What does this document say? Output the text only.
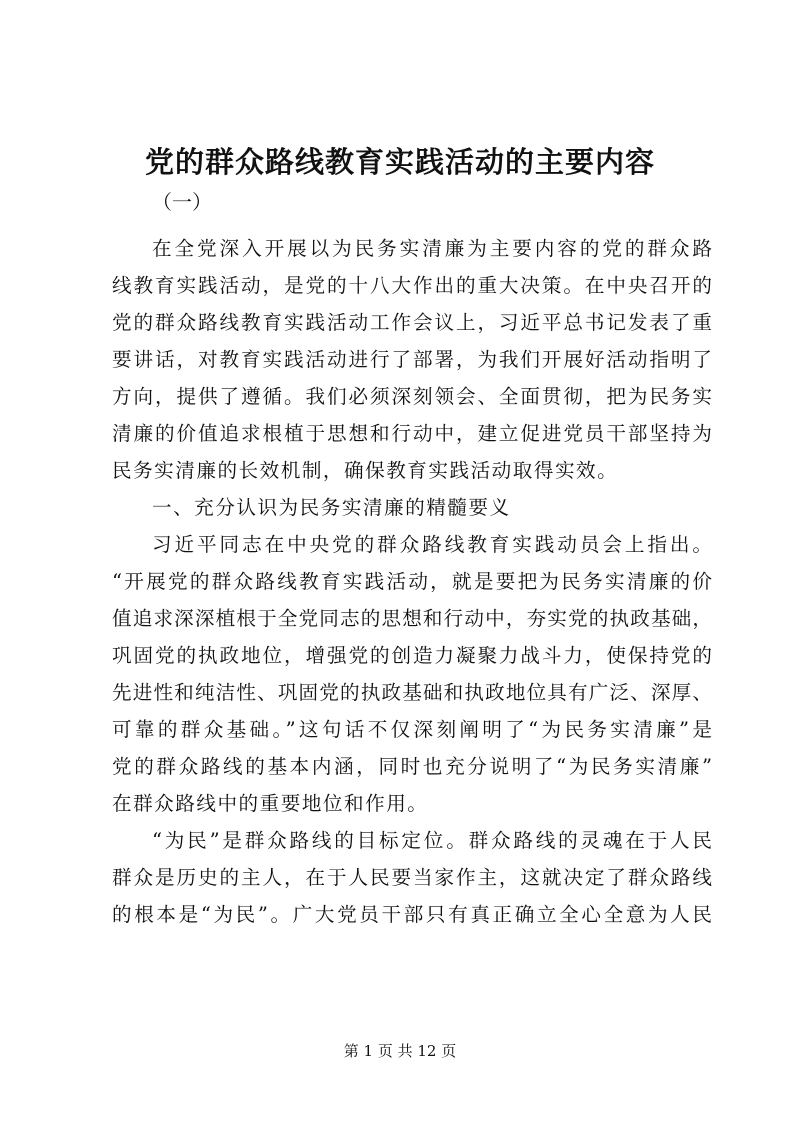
党的群众路线教育实践活动的主要内容
（一）
在全党深入开展以为民务实清廉为主要内容的党的群众路
线教育实践活动，是党的十八大作出的重大决策。在中央召开的
党的群众路线教育实践活动工作会议上，习近平总书记发表了重
要讲话，对教育实践活动进行了部署，为我们开展好活动指明了
方向，提供了遵循。我们必须深刻领会、全面贯彻，把为民务实
清廉的价值追求根植于思想和行动中，建立促进党员干部坚持为
民务实清廉的长效机制，确保教育实践活动取得实效。
一、充分认识为民务实清廉的精髓要义
习近平同志在中央党的群众路线教育实践动员会上指出。
“开展党的群众路线教育实践活动，就是要把为民务实清廉的价
值追求深深植根于全党同志的思想和行动中，夯实党的执政基础，
巩固党的执政地位，增强党的创造力凝聚力战斗力，使保持党的
先进性和纯洁性、巩固党的执政基础和执政地位具有广泛、深厚、
可靠的群众基础。”这句话不仅深刻阐明了“为民务实清廉”是
党的群众路线的基本内涵，同时也充分说明了“为民务实清廉”
在群众路线中的重要地位和作用。
“为民”是群众路线的目标定位。群众路线的灵魂在于人民
群众是历史的主人，在于人民要当家作主，这就决定了群众路线
的根本是“为民”。广大党员干部只有真正确立全心全意为人民
第 1 页 共 12 页
